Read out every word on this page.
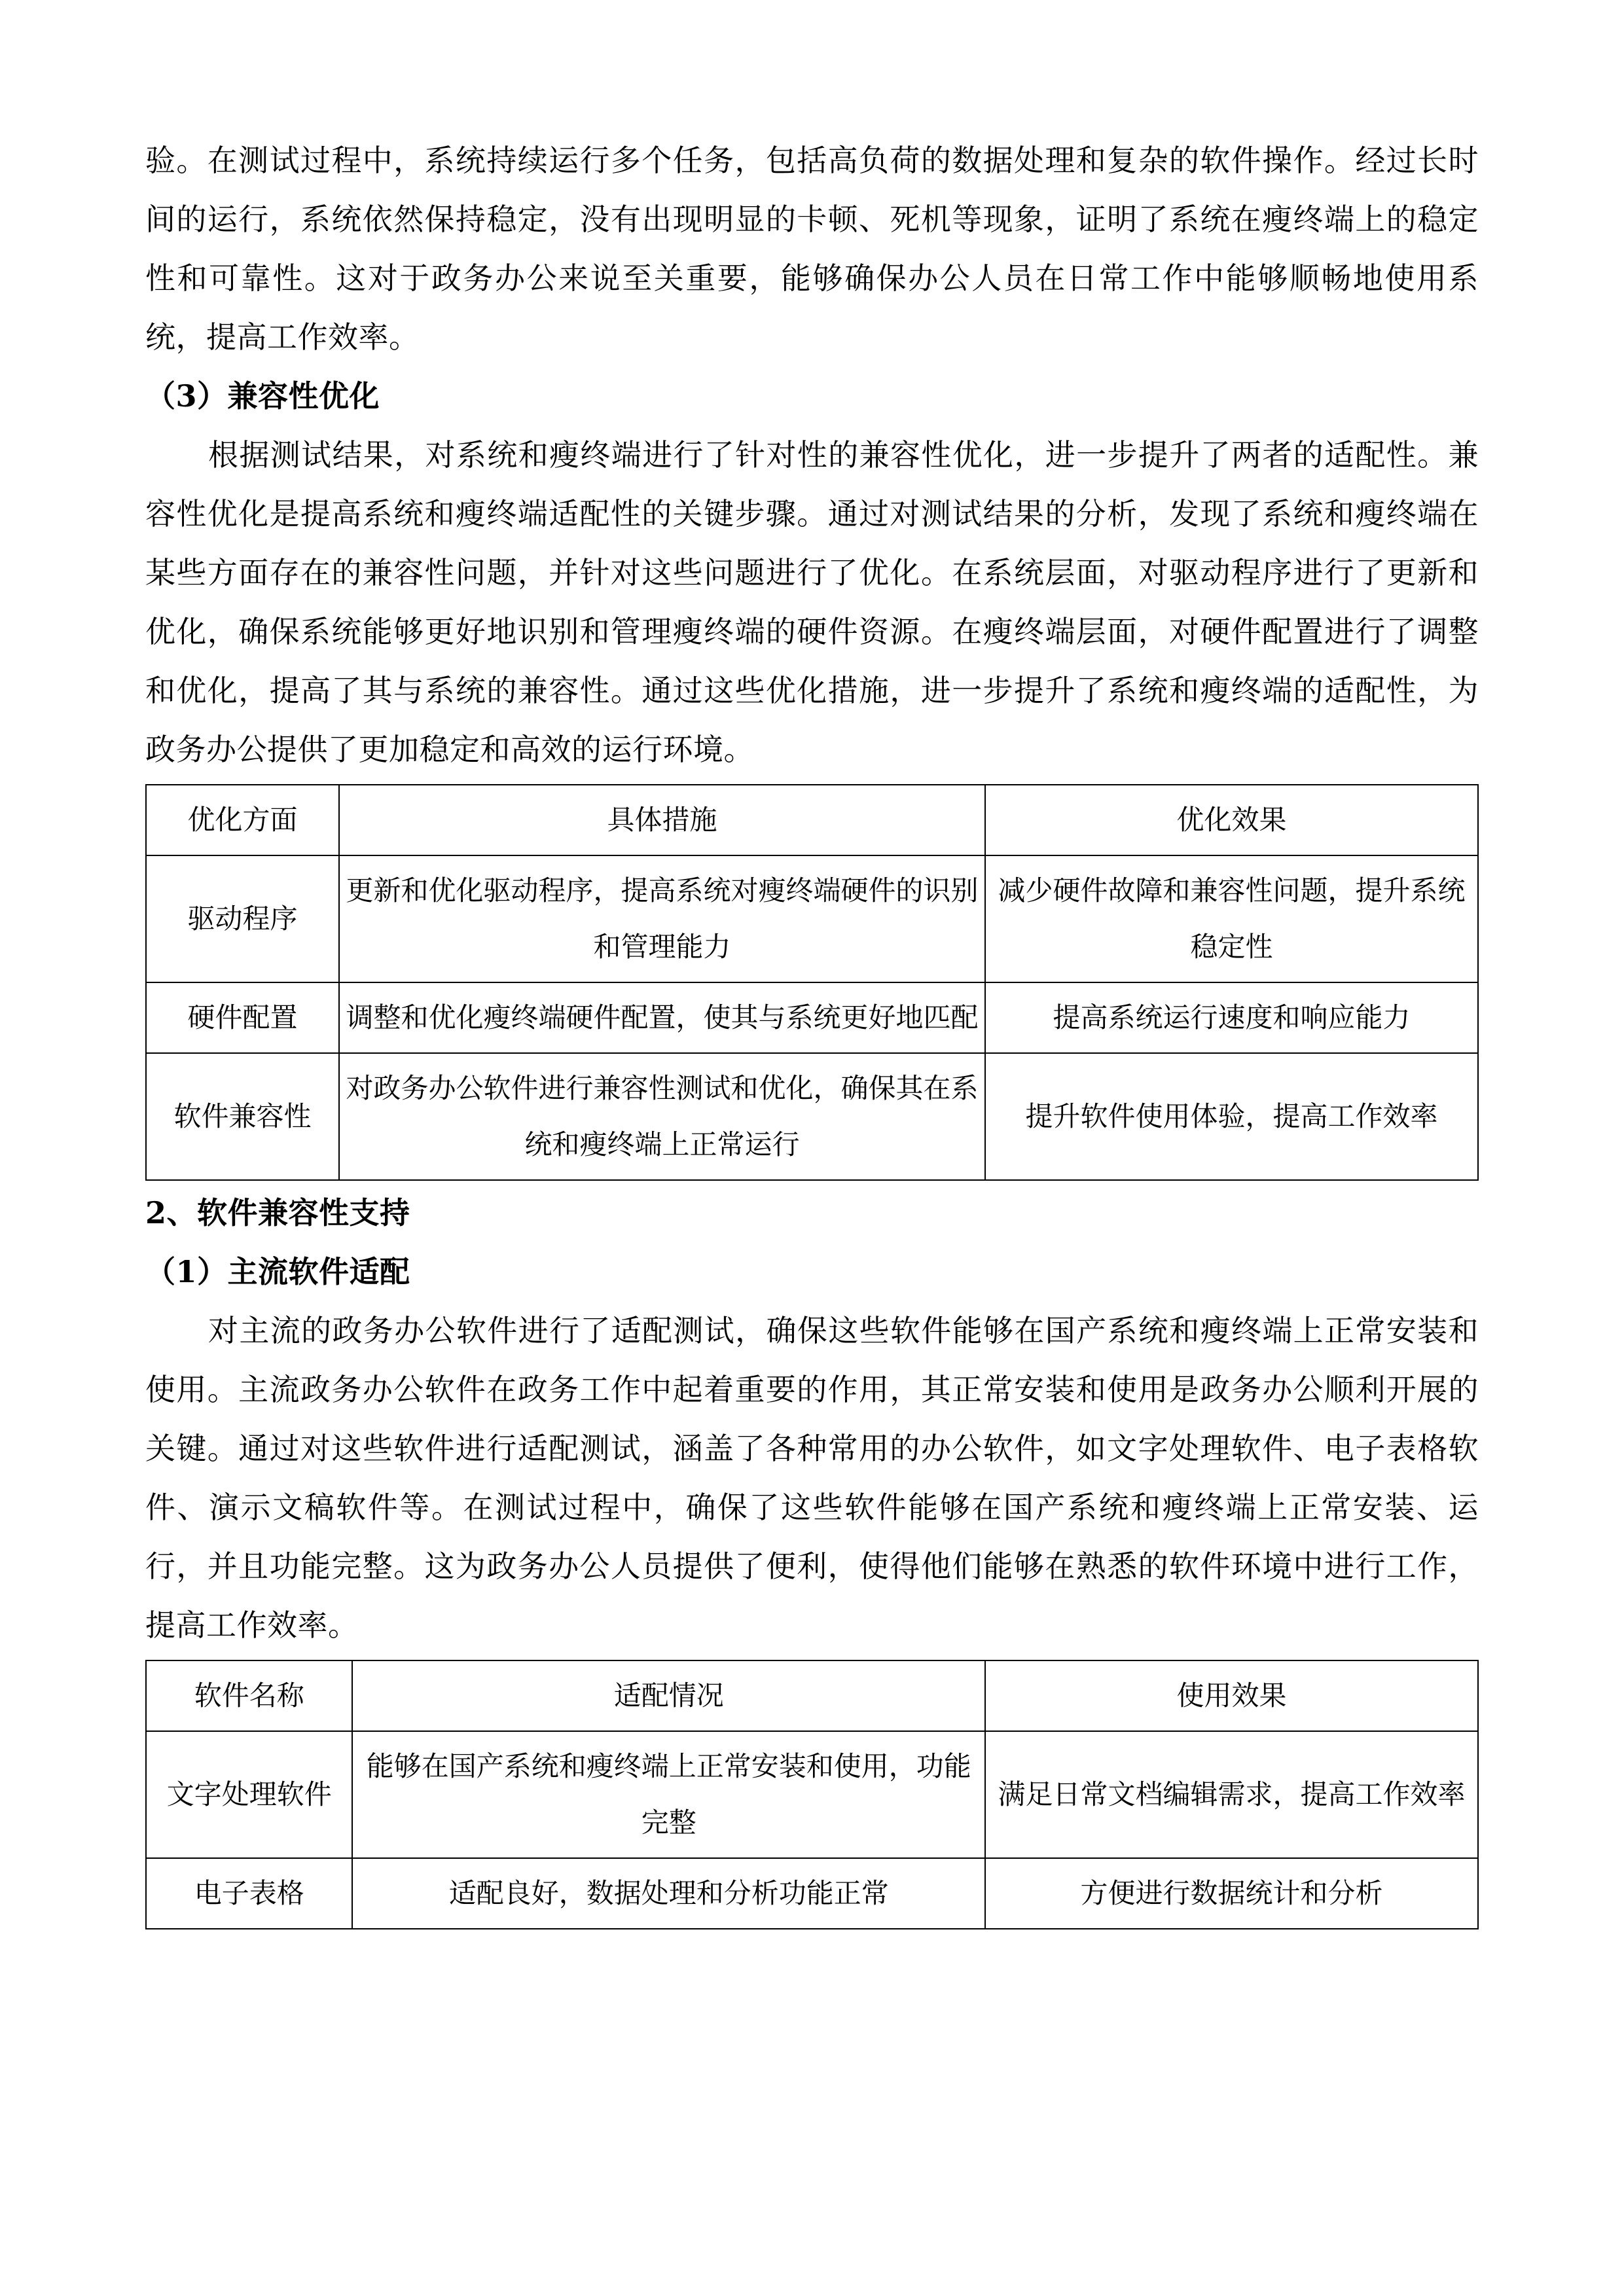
验。在测试过程中，系统持续运行多个任务，包括高负荷的数据处理和复杂的软件操作。经过长时间的运行，系统依然保持稳定，没有出现明显的卡顿、死机等现象，证明了系统在瘦终端上的稳定性和可靠性。这对于政务办公来说至关重要，能够确保办公人员在日常工作中能够顺畅地使用系统，提高工作效率。

（3）兼容性优化

根据测试结果，对系统和瘦终端进行了针对性的兼容性优化，进一步提升了两者的适配性。兼容性优化是提高系统和瘦终端适配性的关键步骤。通过对测试结果的分析，发现了系统和瘦终端在某些方面存在的兼容性问题，并针对这些问题进行了优化。在系统层面，对驱动程序进行了更新和优化，确保系统能够更好地识别和管理瘦终端的硬件资源。在瘦终端层面，对硬件配置进行了调整和优化，提高了其与系统的兼容性。通过这些优化措施，进一步提升了系统和瘦终端的适配性，为政务办公提供了更加稳定和高效的运行环境。

优化方面	具体措施	优化效果
驱动程序	更新和优化驱动程序，提高系统对瘦终端硬件的识别和管理能力	减少硬件故障和兼容性问题，提升系统稳定性
硬件配置	调整和优化瘦终端硬件配置，使其与系统更好地匹配	提高系统运行速度和响应能力
软件兼容性	对政务办公软件进行兼容性测试和优化，确保其在系统和瘦终端上正常运行	提升软件使用体验，提高工作效率
2、软件兼容性支持
（1）主流软件适配

对主流的政务办公软件进行了适配测试，确保这些软件能够在国产系统和瘦终端上正常安装和使用。主流政务办公软件在政务工作中起着重要的作用，其正常安装和使用是政务办公顺利开展的关键。通过对这些软件进行适配测试，涵盖了各种常用的办公软件，如文字处理软件、电子表格软件、演示文稿软件等。在测试过程中，确保了这些软件能够在国产系统和瘦终端上正常安装、运行，并且功能完整。这为政务办公人员提供了便利，使得他们能够在熟悉的软件环境中进行工作，提高工作效率。

软件名称	适配情况	使用效果
文字处理软件	能够在国产系统和瘦终端上正常安装和使用，功能完整	满足日常文档编辑需求，提高工作效率
电子表格	适配良好，数据处理和分析功能正常	方便进行数据统计和分析
